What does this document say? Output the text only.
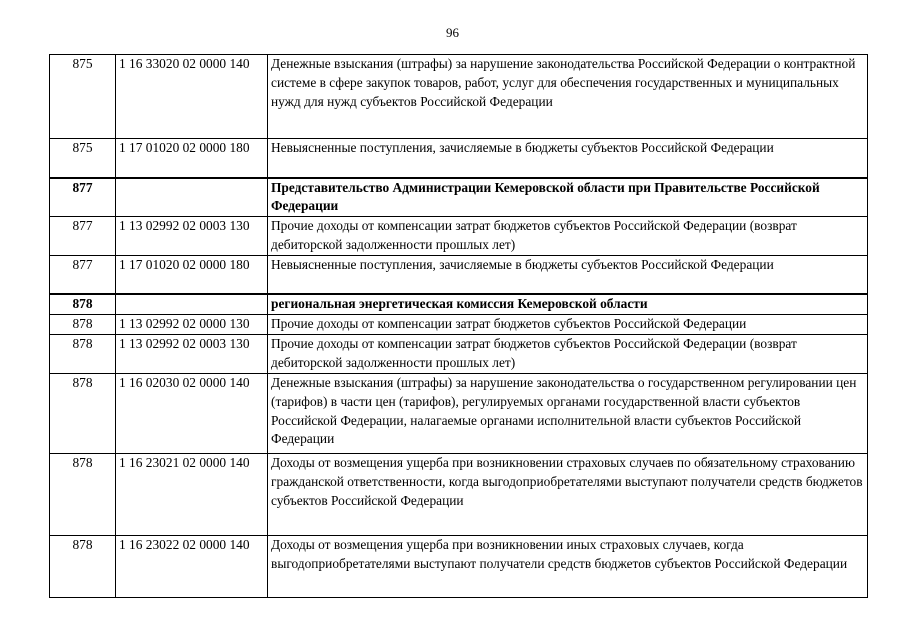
96
875	1 16 33020 02 0000 140	Денежные взыскания (штрафы) за нарушение законодательства Российской Федерации о контрактной системе в сфере закупок товаров, работ, услуг для обеспечения государственных и муниципальных нужд для нужд субъектов Российской Федерации
875	1 17 01020 02 0000 180	Невыясненные поступления, зачисляемые в бюджеты субъектов Российской Федерации
877		Представительство Администрации Кемеровской области при Правительстве Российской Федерации
877	1 13 02992 02 0003 130	Прочие доходы от компенсации затрат бюджетов субъектов Российской Федерации (возврат дебиторской задолженности прошлых лет)
877	1 17 01020 02 0000 180	Невыясненные поступления, зачисляемые в бюджеты субъектов Российской Федерации
878		региональная энергетическая комиссия Кемеровской области
878	1 13 02992 02 0000 130	Прочие доходы от компенсации затрат бюджетов субъектов Российской Федерации
878	1 13 02992 02 0003 130	Прочие доходы от компенсации затрат бюджетов субъектов Российской Федерации (возврат дебиторской задолженности прошлых лет)
878	1 16 02030 02 0000 140	Денежные взыскания (штрафы) за нарушение законодательства о государственном регулировании цен (тарифов) в части цен (тарифов), регулируемых органами государственной власти субъектов Российской Федерации, налагаемые органами исполнительной власти субъектов Российской Федерации
878	1 16 23021 02 0000 140	Доходы от возмещения ущерба при возникновении страховых случаев по обязательному страхованию гражданской ответственности, когда выгодоприобретателями выступают получатели средств бюджетов субъектов Российской Федерации
878	1 16 23022 02 0000 140	Доходы от возмещения ущерба при возникновении иных страховых случаев, когда выгодоприобретателями выступают получатели средств бюджетов субъектов Российской Федерации
